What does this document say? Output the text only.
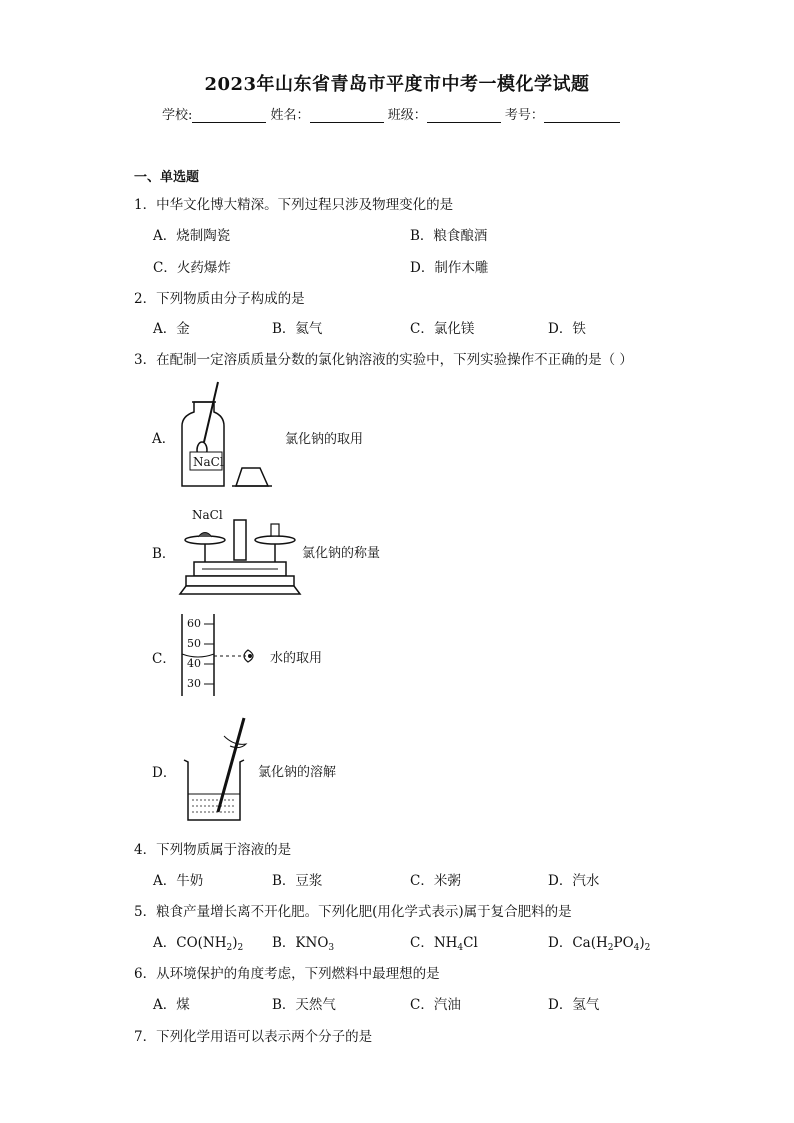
2023年山东省青岛市平度市中考一模化学试题
学校:	姓名：	班级：	考号：
一、单选题
1．中华文化博大精深。下列过程只涉及物理变化的是
A．烧制陶瓷	B．粮食酿酒
C．火药爆炸	D．制作木雕
2．下列物质由分子构成的是
A．金	B．氦气	C．氯化镁	D．铁
3．在配制一定溶质质量分数的氯化钠溶液的实验中，下列实验操作不正确的是（ ）
A．
NaCl
氯化钠的取用
B．
NaCl
氯化钠的称量
C．
60
50
40
30
水的取用
D．	氯化钠的溶解
4．下列物质属于溶液的是
A．牛奶	B．豆浆	C．米粥	D．汽水
5．粮食产量增长离不开化肥。下列化肥(用化学式表示)属于复合肥料的是
A．$CO(NH_2)_2$ B．$KNO_3$	C．$NH_4Cl$	D．$Ca(H_2PO_4)_2$
6．从环境保护的角度考虑，下列燃料中最理想的是
A．煤	B．天然气	C．汽油	D．氢气
7．下列化学用语可以表示两个分子的是
